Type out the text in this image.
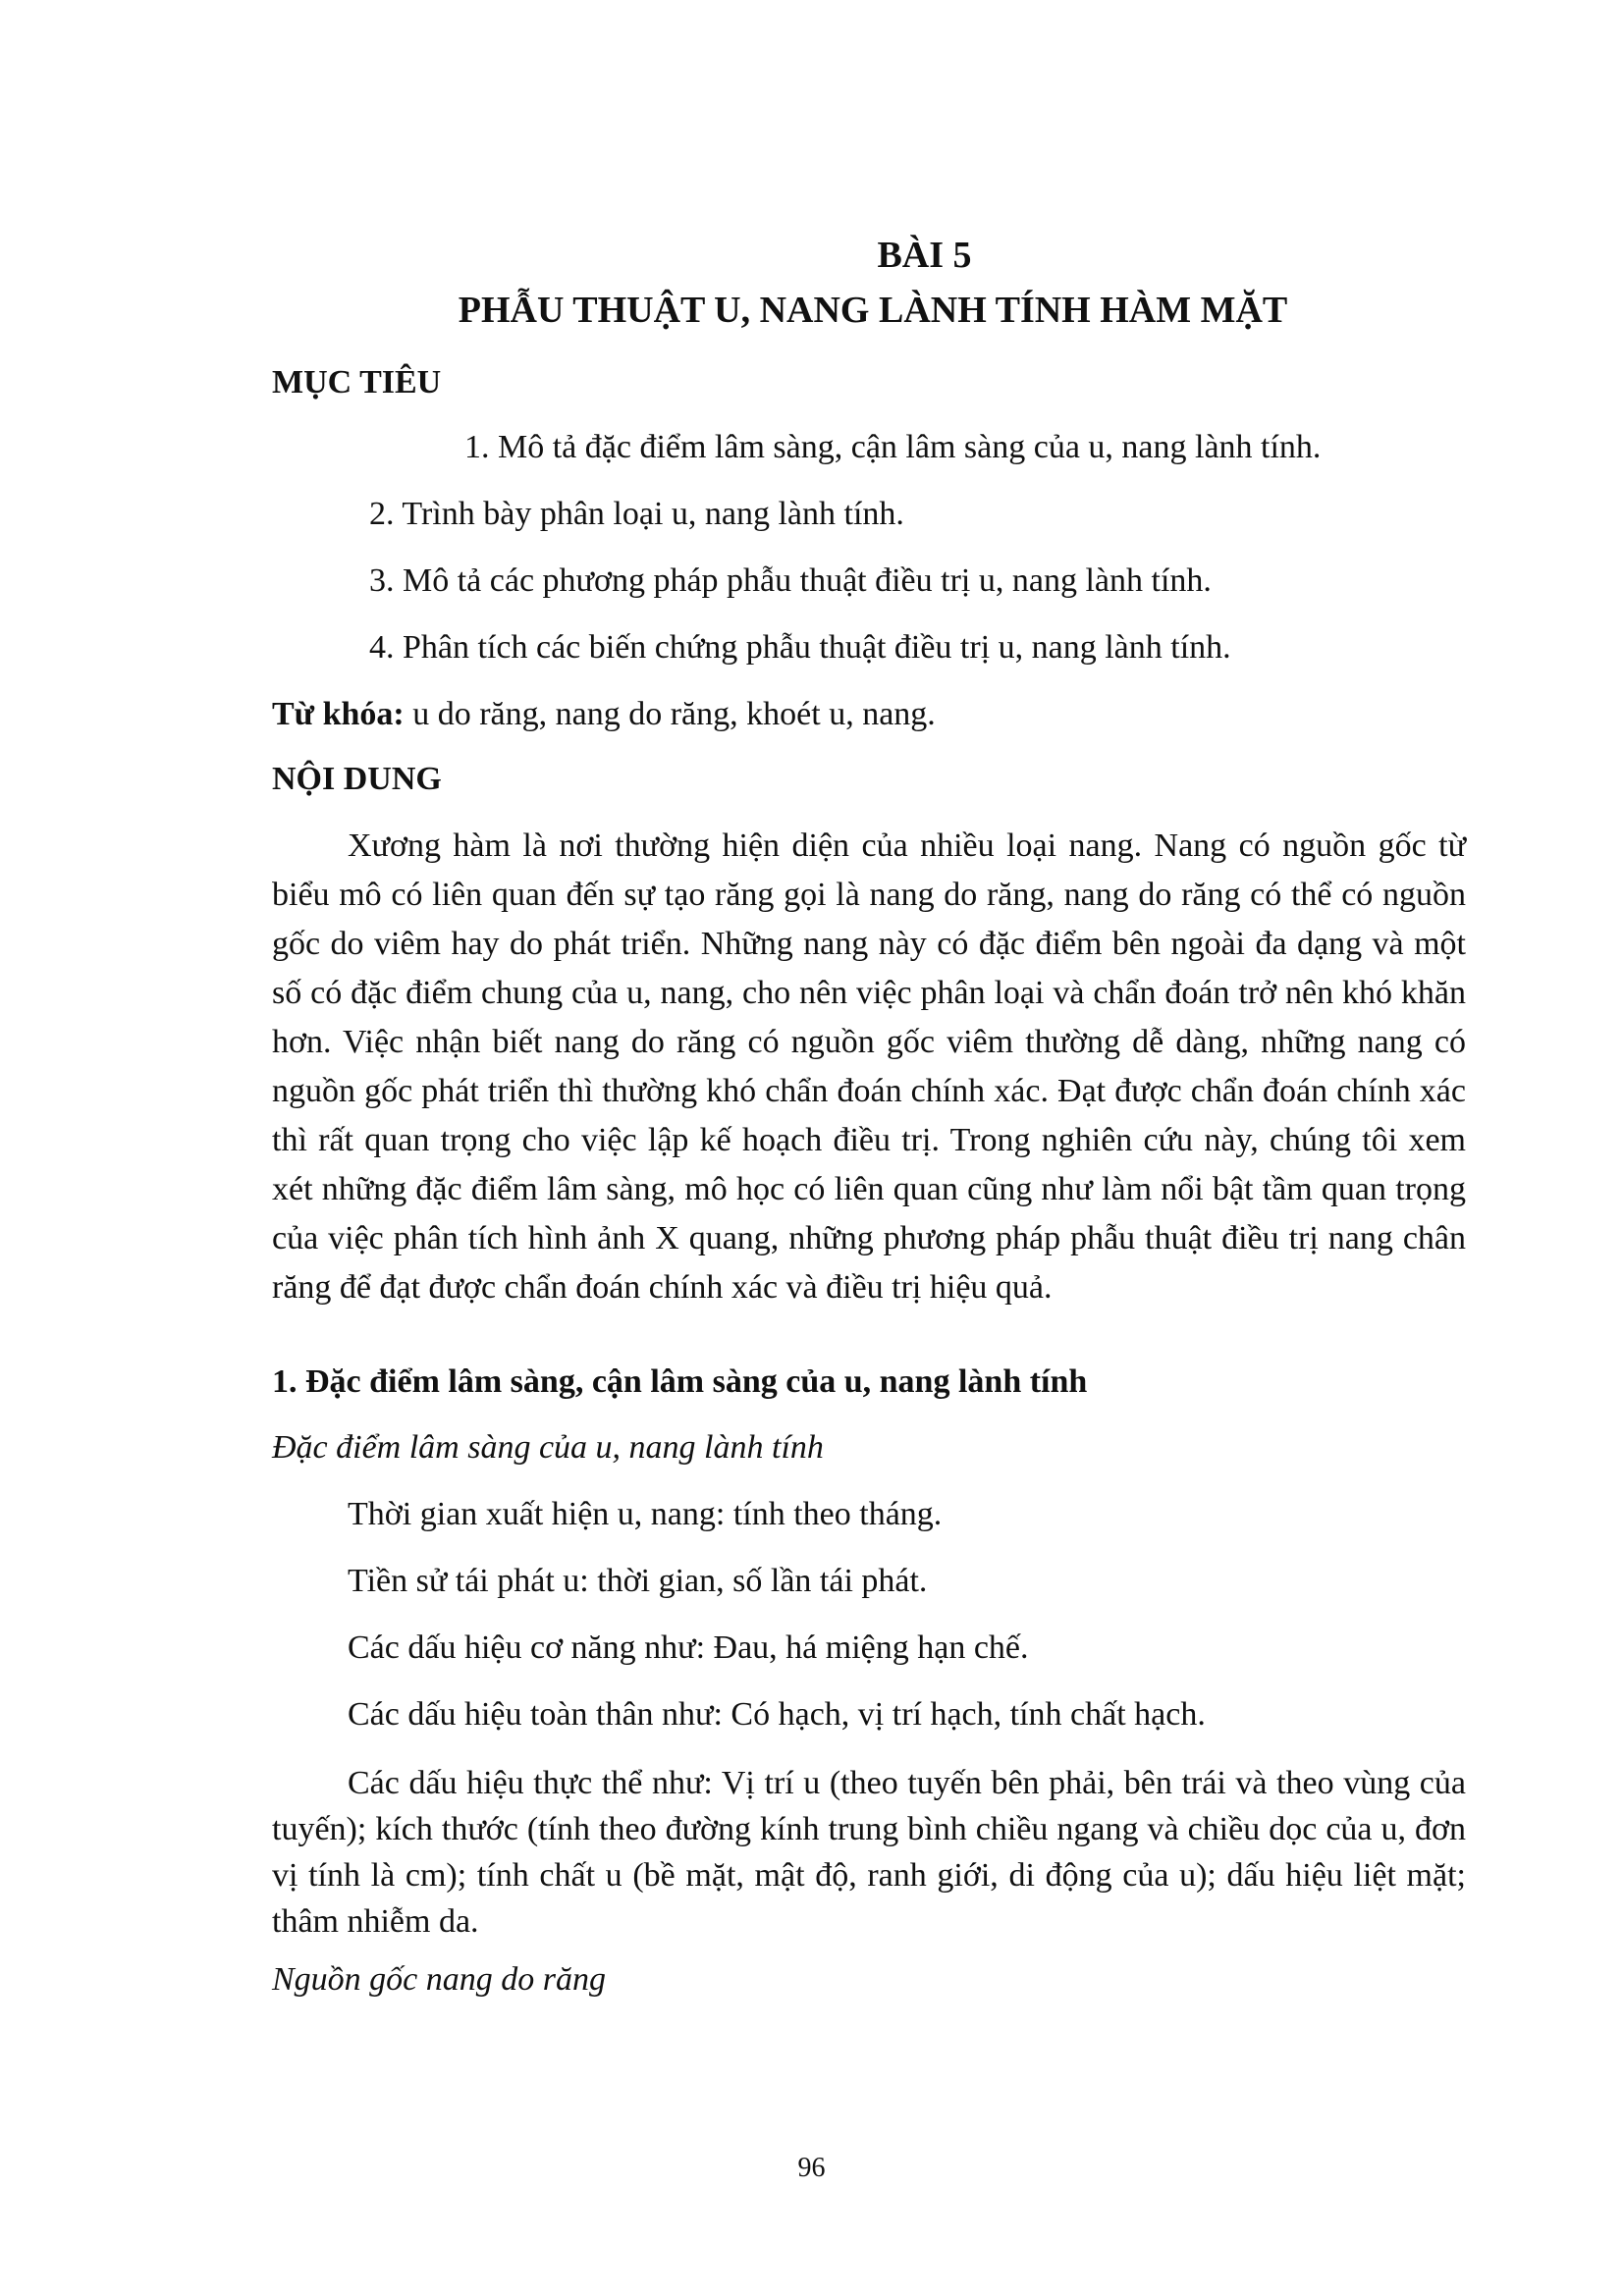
BÀI 5
PHẪU THUẬT U, NANG LÀNH TÍNH HÀM MẶT
MỤC TIÊU
1. Mô tả đặc điểm lâm sàng, cận lâm sàng của u, nang lành tính.
2. Trình bày phân loại u, nang lành tính.
3. Mô tả các phương pháp phẫu thuật điều trị u, nang lành tính.
4. Phân tích các biến chứng phẫu thuật điều trị u, nang lành tính.
Từ khóa: u do răng, nang do răng, khoét u, nang.
NỘI DUNG
Xương hàm là nơi thường hiện diện của nhiều loại nang. Nang có nguồn gốc từ biểu mô có liên quan đến sự tạo răng gọi là nang do răng, nang do răng có thể có nguồn gốc do viêm hay do phát triển. Những nang này có đặc điểm bên ngoài đa dạng và một số có đặc điểm chung của u, nang, cho nên việc phân loại và chẩn đoán trở nên khó khăn hơn. Việc nhận biết nang do răng có nguồn gốc viêm thường dễ dàng, những nang có nguồn gốc phát triển thì thường khó chẩn đoán chính xác. Đạt được chẩn đoán chính xác thì rất quan trọng cho việc lập kế hoạch điều trị. Trong nghiên cứu này, chúng tôi xem xét những đặc điểm lâm sàng, mô học có liên quan cũng như làm nổi bật tầm quan trọng của việc phân tích hình ảnh X quang, những phương pháp phẫu thuật điều trị nang chân răng để đạt được chẩn đoán chính xác và điều trị hiệu quả.
1. Đặc điểm lâm sàng, cận lâm sàng của u, nang lành tính
Đặc điểm lâm sàng của u, nang lành tính
Thời gian xuất hiện u, nang: tính theo tháng.
Tiền sử tái phát u: thời gian, số lần tái phát.
Các dấu hiệu cơ năng như: Đau, há miệng hạn chế.
Các dấu hiệu toàn thân như: Có hạch, vị trí hạch, tính chất hạch.
Các dấu hiệu thực thể như: Vị trí u (theo tuyến bên phải, bên trái và theo vùng của tuyến); kích thước (tính theo đường kính trung bình chiều ngang và chiều dọc của u, đơn vị tính là cm); tính chất u (bề mặt, mật độ, ranh giới, di động của u); dấu hiệu liệt mặt; thâm nhiễm da.
Nguồn gốc nang do răng
96
